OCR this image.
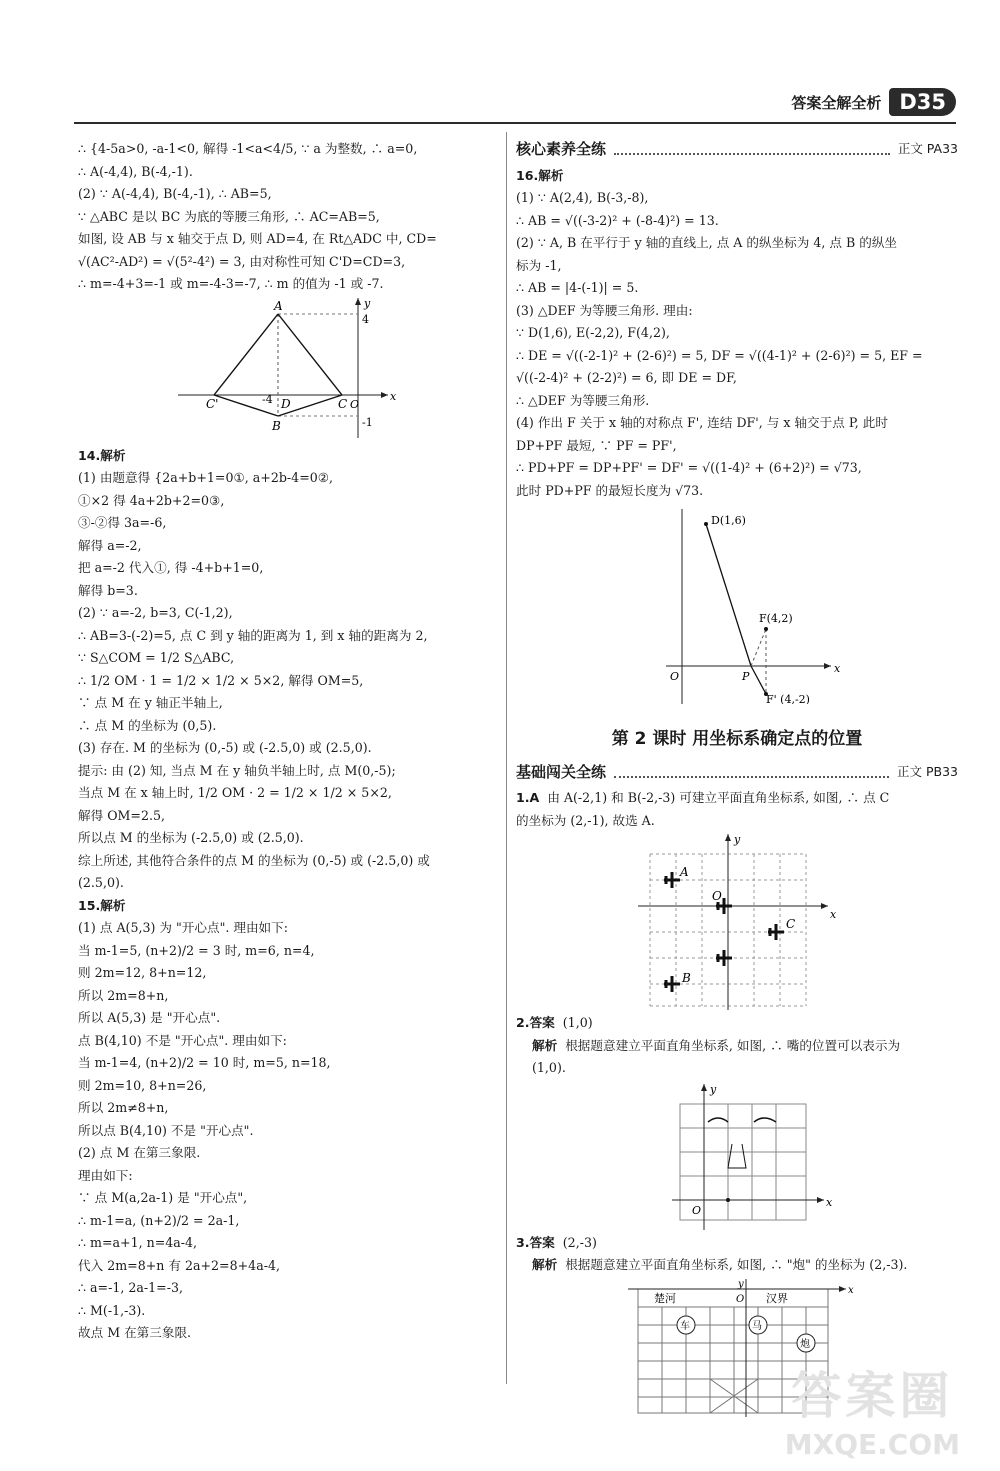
答案全解全析 D35
∴ {4-5a>0, -a-1<0, 解得 -1<a<4/5, ∵ a 为整数, ∴ a=0,
∴ A(-4,4), B(-4,-1).
(2) ∵ A(-4,4), B(-4,-1), ∴ AB=5,
∵ △ABC 是以 BC 为底的等腰三角形, ∴ AC=AB=5,
如图, 设 AB 与 x 轴交于点 D, 则 AD=4, 在 Rt△ADC 中, CD=
√(AC²-AD²) = √(5²-4²) = 3, 由对称性可知 C'D=CD=3,
∴ m=-4+3=-1 或 m=-4-3=-7, ∴ m 的值为 -1 或 -7.
A
B
C
C'	D
-4
4
-1
O
x
y
14.解析
(1) 由题意得 {2a+b+1=0①, a+2b-4=0②,
①×2 得 4a+2b+2=0③,
③-②得 3a=-6,
解得 a=-2,
把 a=-2 代入①, 得 -4+b+1=0,
解得 b=3.
(2) ∵ a=-2, b=3, C(-1,2),
∴ AB=3-(-2)=5, 点 C 到 y 轴的距离为 1, 到 x 轴的距离为 2,
∵ S△COM = 1/2 S△ABC,
∴ 1/2 OM · 1 = 1/2 × 1/2 × 5×2, 解得 OM=5,
∵ 点 M 在 y 轴正半轴上,
∴ 点 M 的坐标为 (0,5).
(3) 存在. M 的坐标为 (0,-5) 或 (-2.5,0) 或 (2.5,0).
提示: 由 (2) 知, 当点 M 在 y 轴负半轴上时, 点 M(0,-5);
当点 M 在 x 轴上时, 1/2 OM · 2 = 1/2 × 1/2 × 5×2,
解得 OM=2.5,
所以点 M 的坐标为 (-2.5,0) 或 (2.5,0).
综上所述, 其他符合条件的点 M 的坐标为 (0,-5) 或 (-2.5,0) 或
(2.5,0).
15.解析
(1) 点 A(5,3) 为 "开心点". 理由如下:
当 m-1=5, (n+2)/2 = 3 时, m=6, n=4,
则 2m=12, 8+n=12,
所以 2m=8+n,
所以 A(5,3) 是 "开心点".
点 B(4,10) 不是 "开心点". 理由如下:
当 m-1=4, (n+2)/2 = 10 时, m=5, n=18,
则 2m=10, 8+n=26,
所以 2m≠8+n,
所以点 B(4,10) 不是 "开心点".
(2) 点 M 在第三象限.
理由如下:
∵ 点 M(a,2a-1) 是 "开心点",
∴ m-1=a, (n+2)/2 = 2a-1,
∴ m=a+1, n=4a-4,
代入 2m=8+n 有 2a+2=8+4a-4,
∴ a=-1, 2a-1=-3,
∴ M(-1,-3).
故点 M 在第三象限.
核心素养全练	正文 PA33
16.解析
(1) ∵ A(2,4), B(-3,-8),
∴ AB = √((-3-2)² + (-8-4)²) = 13.
(2) ∵ A, B 在平行于 y 轴的直线上, 点 A 的纵坐标为 4, 点 B 的纵坐
标为 -1,
∴ AB = |4-(-1)| = 5.
(3) △DEF 为等腰三角形. 理由:
∵ D(1,6), E(-2,2), F(4,2),
∴ DE = √((-2-1)² + (2-6)²) = 5, DF = √((4-1)² + (2-6)²) = 5, EF =
√((-2-4)² + (2-2)²) = 6, 即 DE = DF,
∴ △DEF 为等腰三角形.
(4) 作出 F 关于 x 轴的对称点 F', 连结 DF', 与 x 轴交于点 P, 此时
DP+PF 最短, ∵ PF = PF',
∴ PD+PF = DP+PF' = DF' = √((1-4)² + (6+2)²) = √73,
此时 PD+PF 的最短长度为 √73.
D(1,6)
F(4,2)
F' (4,-2)
O	P
x
第 2 课时 用坐标系确定点的位置
基础闯关全练	正文 PB33
1.A 由 A(-2,1) 和 B(-2,-3) 可建立平面直角坐标系, 如图, ∴ 点 C
的坐标为 (2,-1), 故选 A.
A
B
C
O
x
y
2.答案 (1,0)
解析 根据题意建立平面直角坐标系, 如图, ∴ 嘴的位置可以表示为
(1,0).
O
x
y
3.答案 (2,-3)
解析 根据题意建立平面直角坐标系, 如图, ∴ "炮" 的坐标为 (2,-3).
楚河	汉界
O
x
y
车	马
炮
答案圈
MXQE.COM
